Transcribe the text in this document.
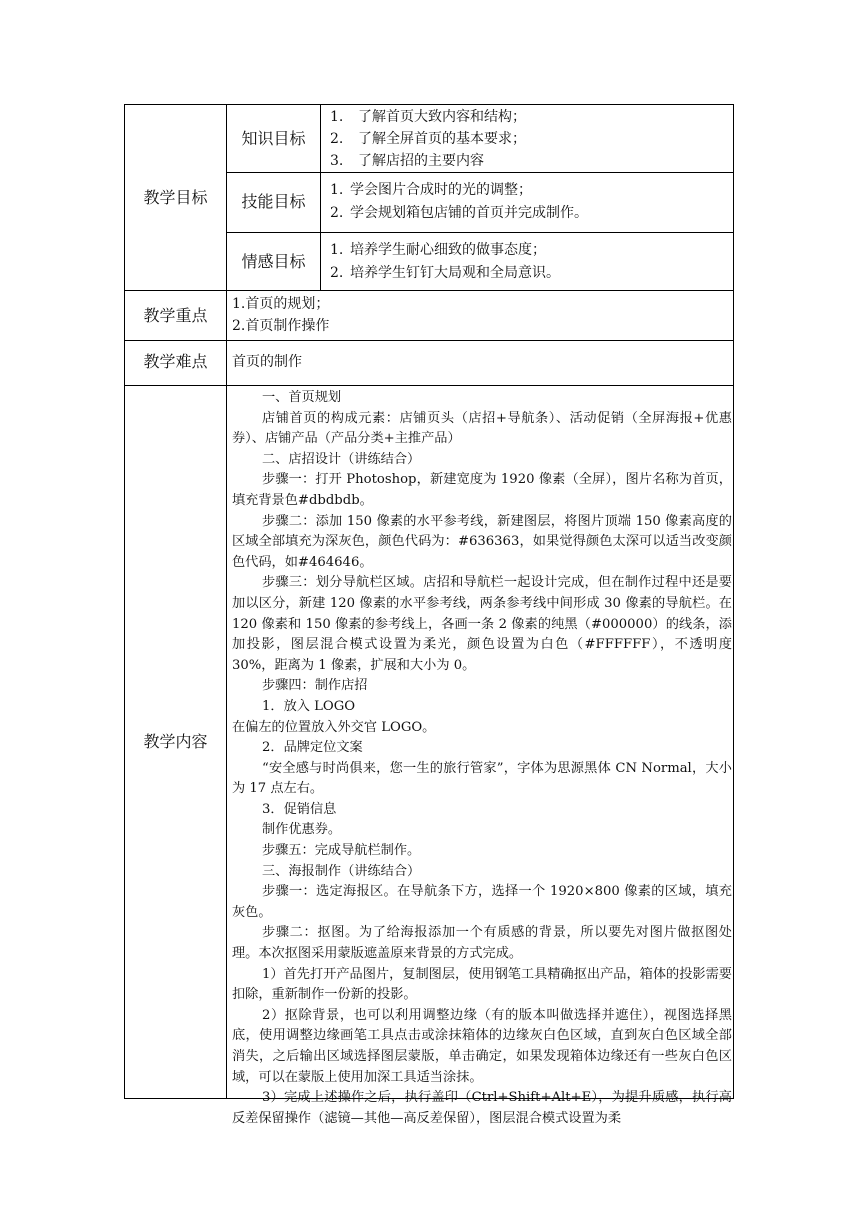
教学目标
知识目标
1. 了解首页大致内容和结构；
2. 了解全屏首页的基本要求；
3. 了解店招的主要内容
技能目标
1. 学会图片合成时的光的调整；
2. 学会规划箱包店铺的首页并完成制作。
情感目标
1. 培养学生耐心细致的做事态度；
2. 培养学生钉钉大局观和全局意识。
教学重点
1.首页的规划；
2.首页制作操作
教学难点	首页的制作
教学内容

一、首页规划

店铺首页的构成元素：店铺页头（店招+导航条）、活动促销（全屏海报+优惠券）、店铺产品（产品分类+主推产品）

二、店招设计（讲练结合）

步骤一：打开 Photoshop，新建宽度为 1920 像素（全屏），图片名称为首页，填充背景色#dbdbdb。

步骤二：添加 150 像素的水平参考线，新建图层，将图片顶端 150 像素高度的区域全部填充为深灰色，颜色代码为：#636363，如果觉得颜色太深可以适当改变颜色代码，如#464646。

步骤三：划分导航栏区域。店招和导航栏一起设计完成，但在制作过程中还是要加以区分，新建 120 像素的水平参考线，两条参考线中间形成 30 像素的导航栏。在 120 像素和 150 像素的参考线上，各画一条 2 像素的纯黑（#000000）的线条，添加投影，图层混合模式设置为柔光，颜色设置为白色（#FFFFFF），不透明度 30%，距离为 1 像素，扩展和大小为 0。

步骤四：制作店招

1．放入 LOGO

在偏左的位置放入外交官 LOGO。

2．品牌定位文案

“安全感与时尚俱来，您一生的旅行管家”，字体为思源黑体 CN Normal，大小为 17 点左右。

3．促销信息

制作优惠券。

步骤五：完成导航栏制作。

三、海报制作（讲练结合）

步骤一：选定海报区。在导航条下方，选择一个 1920×800 像素的区域，填充灰色。

步骤二：抠图。为了给海报添加一个有质感的背景，所以要先对图片做抠图处理。本次抠图采用蒙版遮盖原来背景的方式完成。

1）首先打开产品图片，复制图层，使用钢笔工具精确抠出产品，箱体的投影需要扣除，重新制作一份新的投影。

2）抠除背景，也可以利用调整边缘（有的版本叫做选择并遮住），视图选择黑底，使用调整边缘画笔工具点击或涂抹箱体的边缘灰白色区域，直到灰白色区域全部消失，之后输出区域选择图层蒙版，单击确定，如果发现箱体边缘还有一些灰白色区域，可以在蒙版上使用加深工具适当涂抹。

3）完成上述操作之后，执行盖印（Ctrl+Shift+Alt+E），为提升质感，执行高反差保留操作（滤镜—其他—高反差保留），图层混合模式设置为柔
